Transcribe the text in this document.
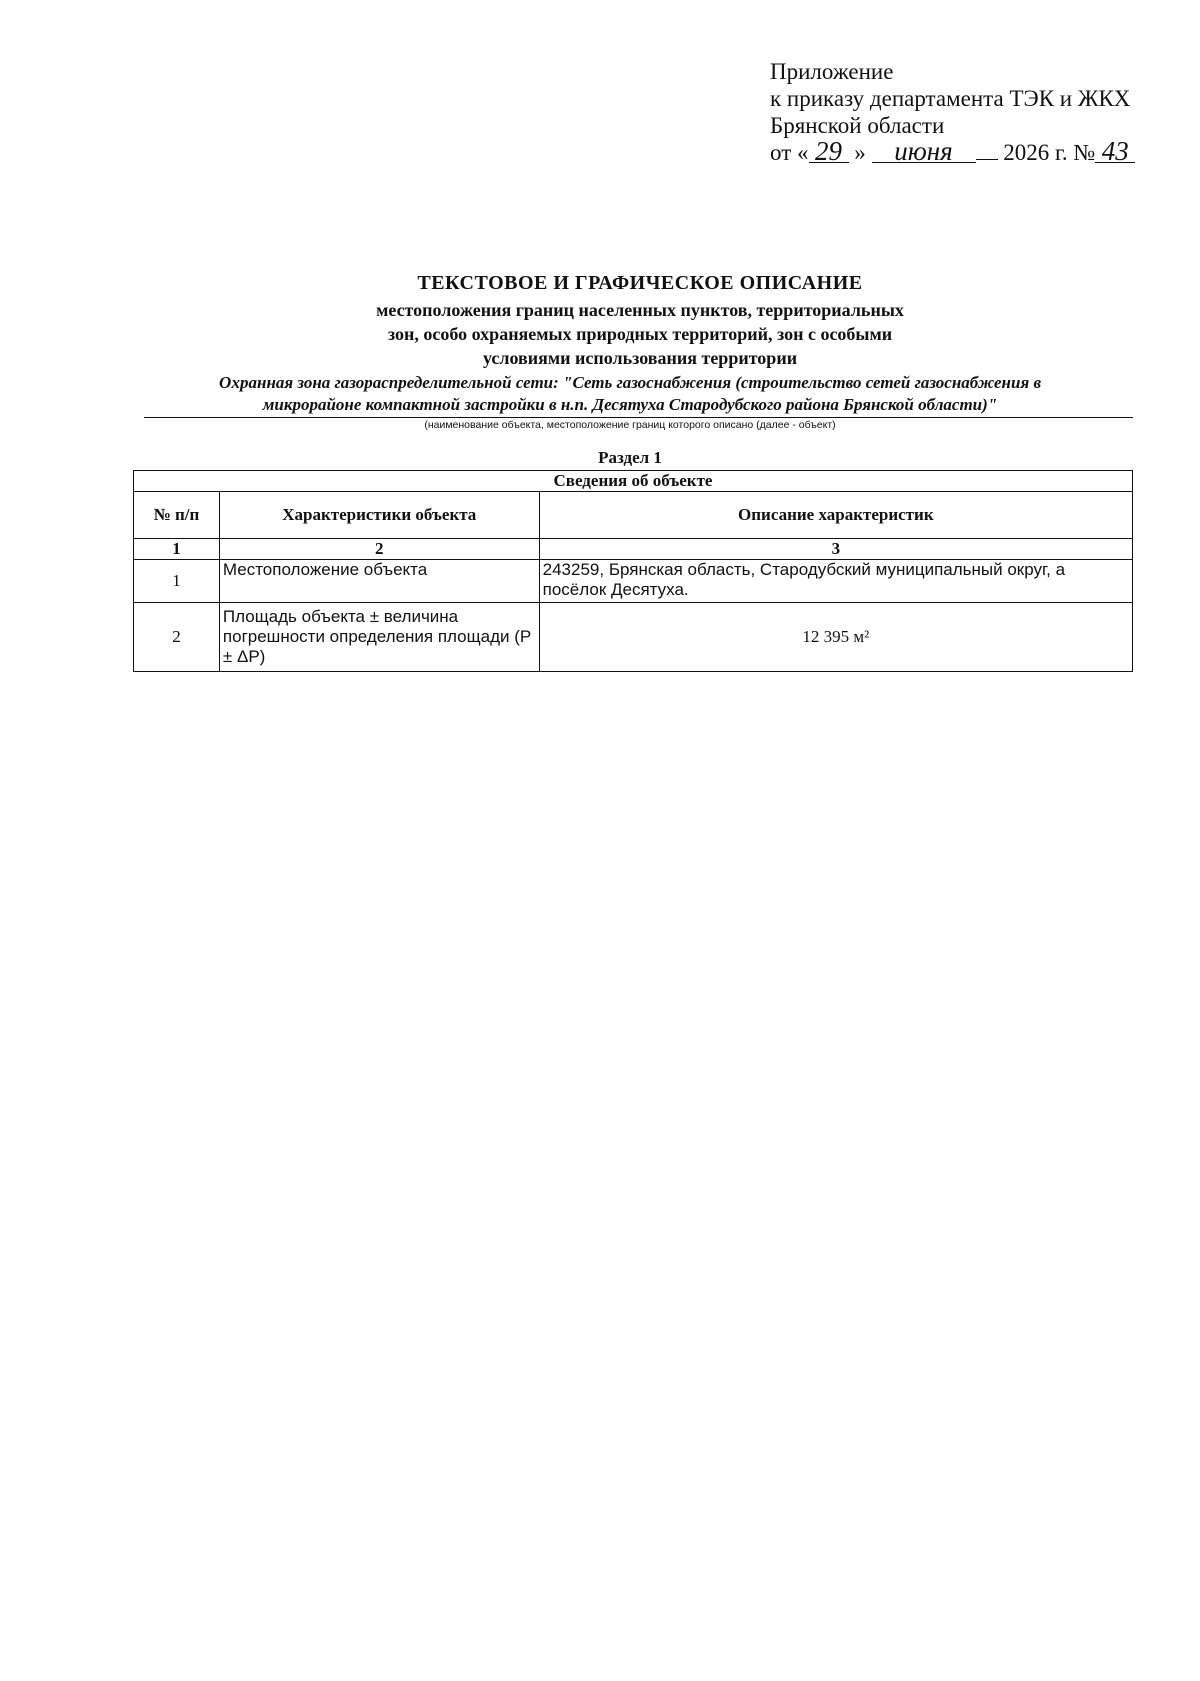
Приложение
к приказу департамента ТЭК и ЖКХ
Брянской области
от « 29 » июня 2026 г. № 43
ТЕКСТОВОЕ И ГРАФИЧЕСКОЕ ОПИСАНИЕ
местоположения границ населенных пунктов, территориальных
зон, особо охраняемых природных территорий, зон с особыми
условиями использования территории
Охранная зона газораспределительной сети: "Сеть газоснабжения (строительство сетей газоснабжения в
микрорайоне компактной застройки в н.п. Десятуха Стародубского района Брянской области)"
(наименование объекта, местоположение границ которого описано (далее - объект)
Раздел 1
Сведения об объекте		
№ п/п	Характеристики объекта	Описание характеристик
1	2	3
1	Местоположение объекта	243259, Брянская область, Стародубский муниципальный округ, а посёлок Десятуха.
2	Площадь объекта ± величина погрешности определения площади (P ± ΔP)	12 395 м²
